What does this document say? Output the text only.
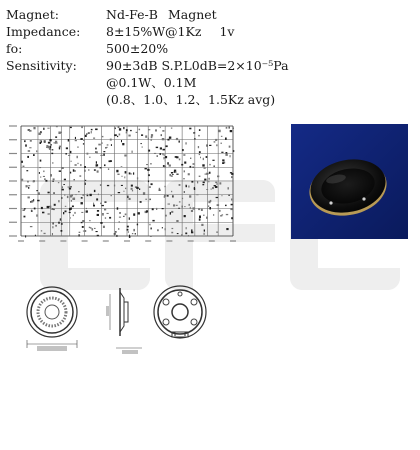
Magnet:	Nd-Fe-B Magnet
Impedance:	8±15%W@1Kz 1v
fo:	500±20%
Sensitivity:	90±3dB S.P.L0dB=2×10⁻⁵Pa
@0.1W、0.1M
(0.8、1.0、1.2、1.5Kz avg)
